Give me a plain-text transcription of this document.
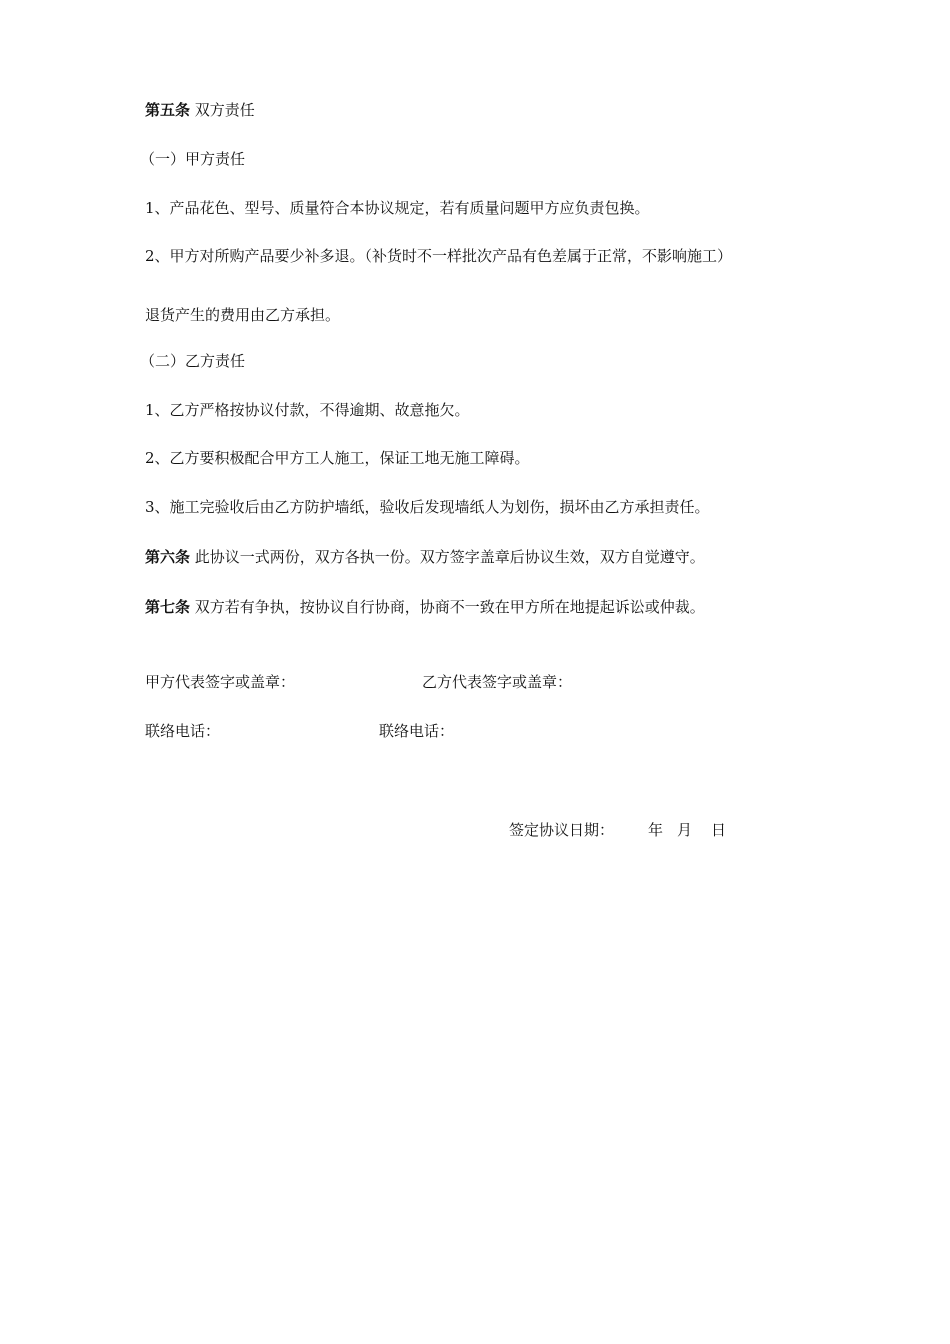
第五条 双方责任
（一）甲方责任
1、产品花色、型号、质量符合本协议规定，若有质量问题甲方应负责包换。
2、甲方对所购产品要少补多退。（补货时不一样批次产品有色差属于正常，不影响施工）
退货产生的费用由乙方承担。
（二）乙方责任
1、乙方严格按协议付款，不得逾期、故意拖欠。
2、乙方要积极配合甲方工人施工，保证工地无施工障碍。
3、施工完验收后由乙方防护墙纸，验收后发现墙纸人为划伤，损坏由乙方承担责任。
第六条 此协议一式两份，双方各执一份。双方签字盖章后协议生效，双方自觉遵守。
第七条 双方若有争执，按协议自行协商，协商不一致在甲方所在地提起诉讼或仲裁。
甲方代表签字或盖章：	乙方代表签字或盖章：
联络电话：	联络电话：
签定协议日期： 年 月 日
